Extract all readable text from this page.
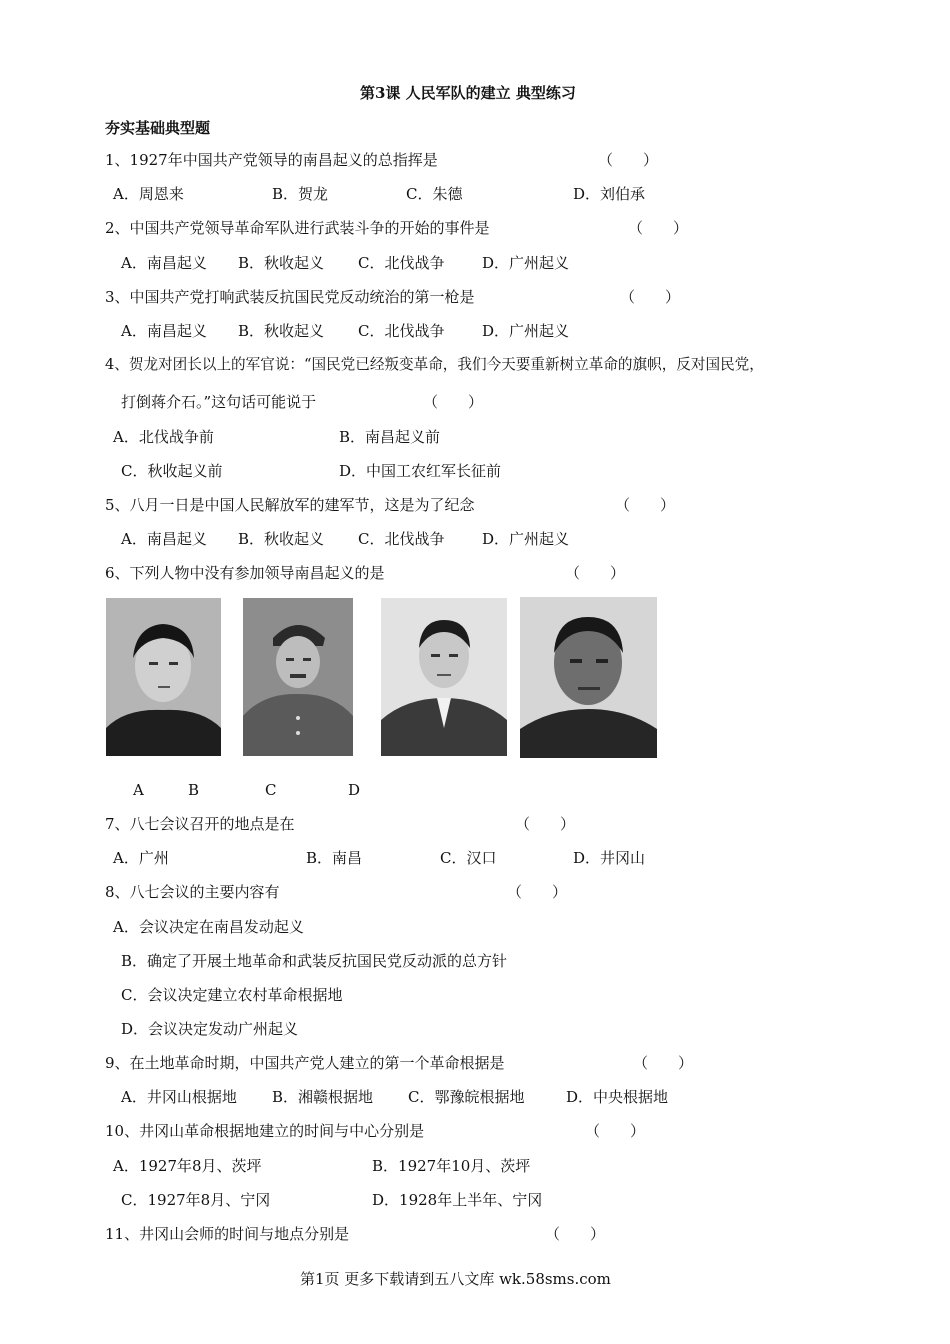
第3课 人民军队的建立 典型练习
夯实基础典型题
1、1927年中国共产党领导的南昌起义的总指挥是	（　　）
A．周恩来	B．贺龙	C．朱德	D．刘伯承
2、中国共产党领导革命军队进行武装斗争的开始的事件是	（　　）
A．南昌起义 B．秋收起义 C．北伐战争	D．广州起义
3、中国共产党打响武装反抗国民党反动统治的第一枪是	（　　）
A．南昌起义 B．秋收起义 C．北伐战争	D．广州起义
4、贺龙对团长以上的军官说：“国民党已经叛变革命，我们今天要重新树立革命的旗帜，反对国民党，
打倒蒋介石。”这句话可能说于	（　　）
A．北伐战争前	B．南昌起义前
C．秋收起义前	D．中国工农红军长征前
5、八月一日是中国人民解放军的建军节，这是为了纪念	（　　）
A．南昌起义 B．秋收起义 C．北伐战争	D．广州起义
6、下列人物中没有参加领导南昌起义的是	（　　）
A	B	C	D
7、八七会议召开的地点是在	（　　）
A．广州	B．南昌	C．汉口	D．井冈山
8、八七会议的主要内容有	（　　）
A．会议决定在南昌发动起义
B．确定了开展土地革命和武装反抗国民党反动派的总方针
C．会议决定建立农村革命根据地
D．会议决定发动广州起义
9、在土地革命时期，中国共产党人建立的第一个革命根据是	（　　）
A．井冈山根据地 B．湘赣根据地 C．鄂豫皖根据地	D．中央根据地
10、井冈山革命根据地建立的时间与中心分别是	（　　）
A．1927年8月、茨坪	B．1927年10月、茨坪
C．1927年8月、宁冈	D．1928年上半年、宁冈
11、井冈山会师的时间与地点分别是	（　　）
第1页 更多下载请到五八文库 wk.58sms.com
